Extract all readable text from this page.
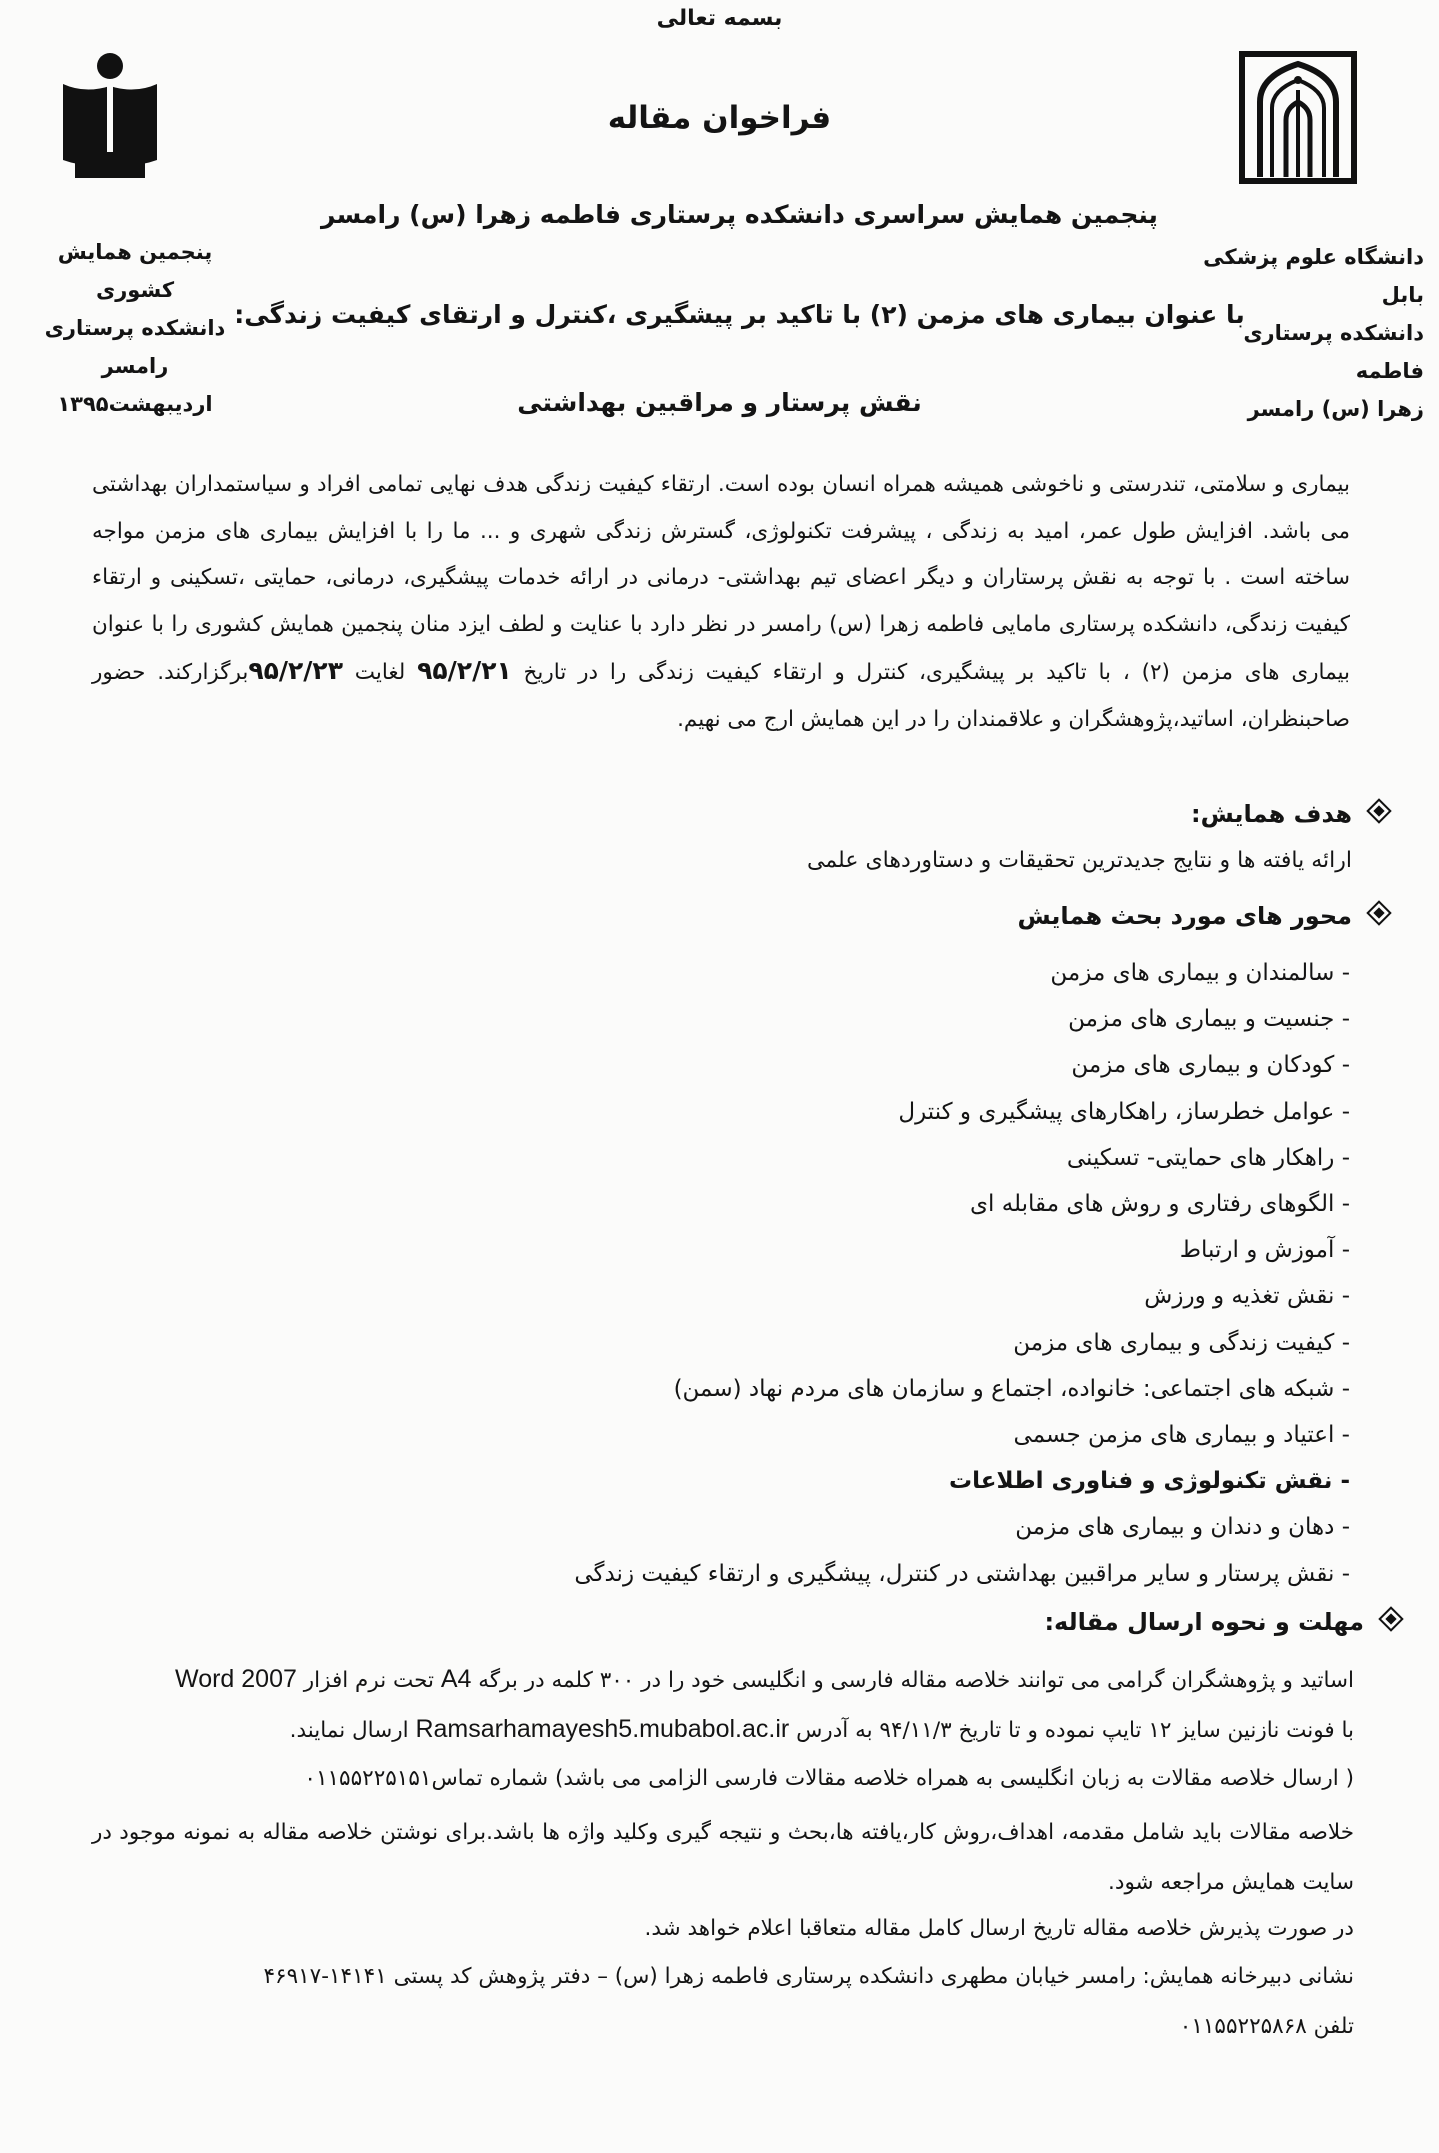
بسمه تعالی
فراخوان مقاله
پنجمین همایش سراسری دانشکده پرستاری فاطمه زهرا (س) رامسر
با عنوان بیماری های مزمن (۲) با تاکید بر پیشگیری ،کنترل و ارتقای کیفیت زندگی:
نقش پرستار و مراقبین بهداشتی
دانشگاه علوم پزشکی بابل
دانشکده پرستاری فاطمه
زهرا (س) رامسر
پنجمین همایش کشوری
دانشکده پرستاری رامسر
اردیبهشت۱۳۹۵
بیماری و سلامتی، تندرستی و ناخوشی همیشه همراه انسان بوده است. ارتقاء کیفیت زندگی هدف نهایی تمامی افراد و سیاستمداران بهداشتی می باشد. افزایش طول عمر، امید به زندگی ، پیشرفت تکنولوژی، گسترش زندگی شهری و ... ما را با افزایش بیماری های مزمن مواجه ساخته است . با توجه به نقش پرستاران و دیگر اعضای تیم بهداشتی- درمانی در ارائه خدمات پیشگیری، درمانی، حمایتی ،تسکینی و ارتقاء کیفیت زندگی، دانشکده پرستاری مامایی فاطمه زهرا (س) رامسر در نظر دارد با عنایت و لطف ایزد منان پنجمین همایش کشوری را با عنوان بیماری های مزمن (۲) ، با تاکید بر پیشگیری، کنترل و ارتقاء کیفیت زندگی را در تاریخ ۹۵/۲/۲۱ لغایت ۹۵/۲/۲۳برگزارکند. حضور صاحبنظران، اساتید،پژوهشگران و علاقمندان را در این همایش ارج می نهیم.
هدف همایش:
ارائه یافته ها و نتایج جدیدترین تحقیقات و دستاوردهای علمی
محور های مورد بحث همایش
- سالمندان و بیماری های مزمن
- جنسیت و بیماری های مزمن
- کودکان و بیماری های مزمن
- عوامل خطرساز، راهکارهای پیشگیری و کنترل
- راهکار های حمایتی- تسکینی
- الگوهای رفتاری و روش های مقابله ای
- آموزش و ارتباط
- نقش تغذیه و ورزش
- کیفیت زندگی و بیماری های مزمن
- شبکه های اجتماعی: خانواده، اجتماع و سازمان های مردم نهاد (سمن)
- اعتیاد و بیماری های مزمن جسمی
- نقش تکنولوژی و فناوری اطلاعات
- دهان و دندان و بیماری های مزمن
- نقش پرستار و سایر مراقبین بهداشتی در کنترل، پیشگیری و ارتقاء کیفیت زندگی
مهلت و نحوه ارسال مقاله:
اساتید و پژوهشگران گرامی می توانند خلاصه مقاله فارسی و انگلیسی خود را در ۳۰۰ کلمه در برگه A4 تحت نرم افزار Word 2007
با فونت نازنین سایز ۱۲ تایپ نموده و تا تاریخ ۹۴/۱۱/۳ به آدرس Ramsarhamayesh5.mubabol.ac.ir ارسال نمایند.
( ارسال خلاصه مقالات به زبان انگلیسی به همراه خلاصه مقالات فارسی الزامی می باشد) شماره تماس۰۱۱۵۵۲۲۵۱۵۱
خلاصه مقالات باید شامل مقدمه، اهداف،روش کار،یافته ها،بحث و نتیجه گیری وکلید واژه ها باشد.برای نوشتن خلاصه مقاله به نمونه موجود در سایت همایش مراجعه شود.
در صورت پذیرش خلاصه مقاله تاریخ ارسال کامل مقاله متعاقبا اعلام خواهد شد.
نشانی دبیرخانه همایش: رامسر خیابان مطهری دانشکده پرستاری فاطمه زهرا (س) – دفتر پژوهش کد پستی ۱۴۱۴۱-۴۶۹۱۷
تلفن ۰۱۱۵۵۲۲۵۸۶۸
